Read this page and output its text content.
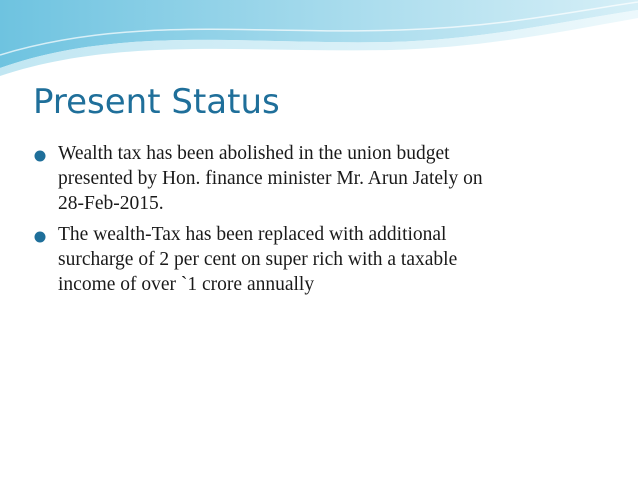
Present Status
Wealth tax has been abolished in the union budget
presented by Hon. finance minister Mr. Arun Jately on
28-Feb-2015.
The wealth-Tax has been replaced with additional
surcharge of 2 per cent on super rich with a taxable
income of over `1 crore annually
